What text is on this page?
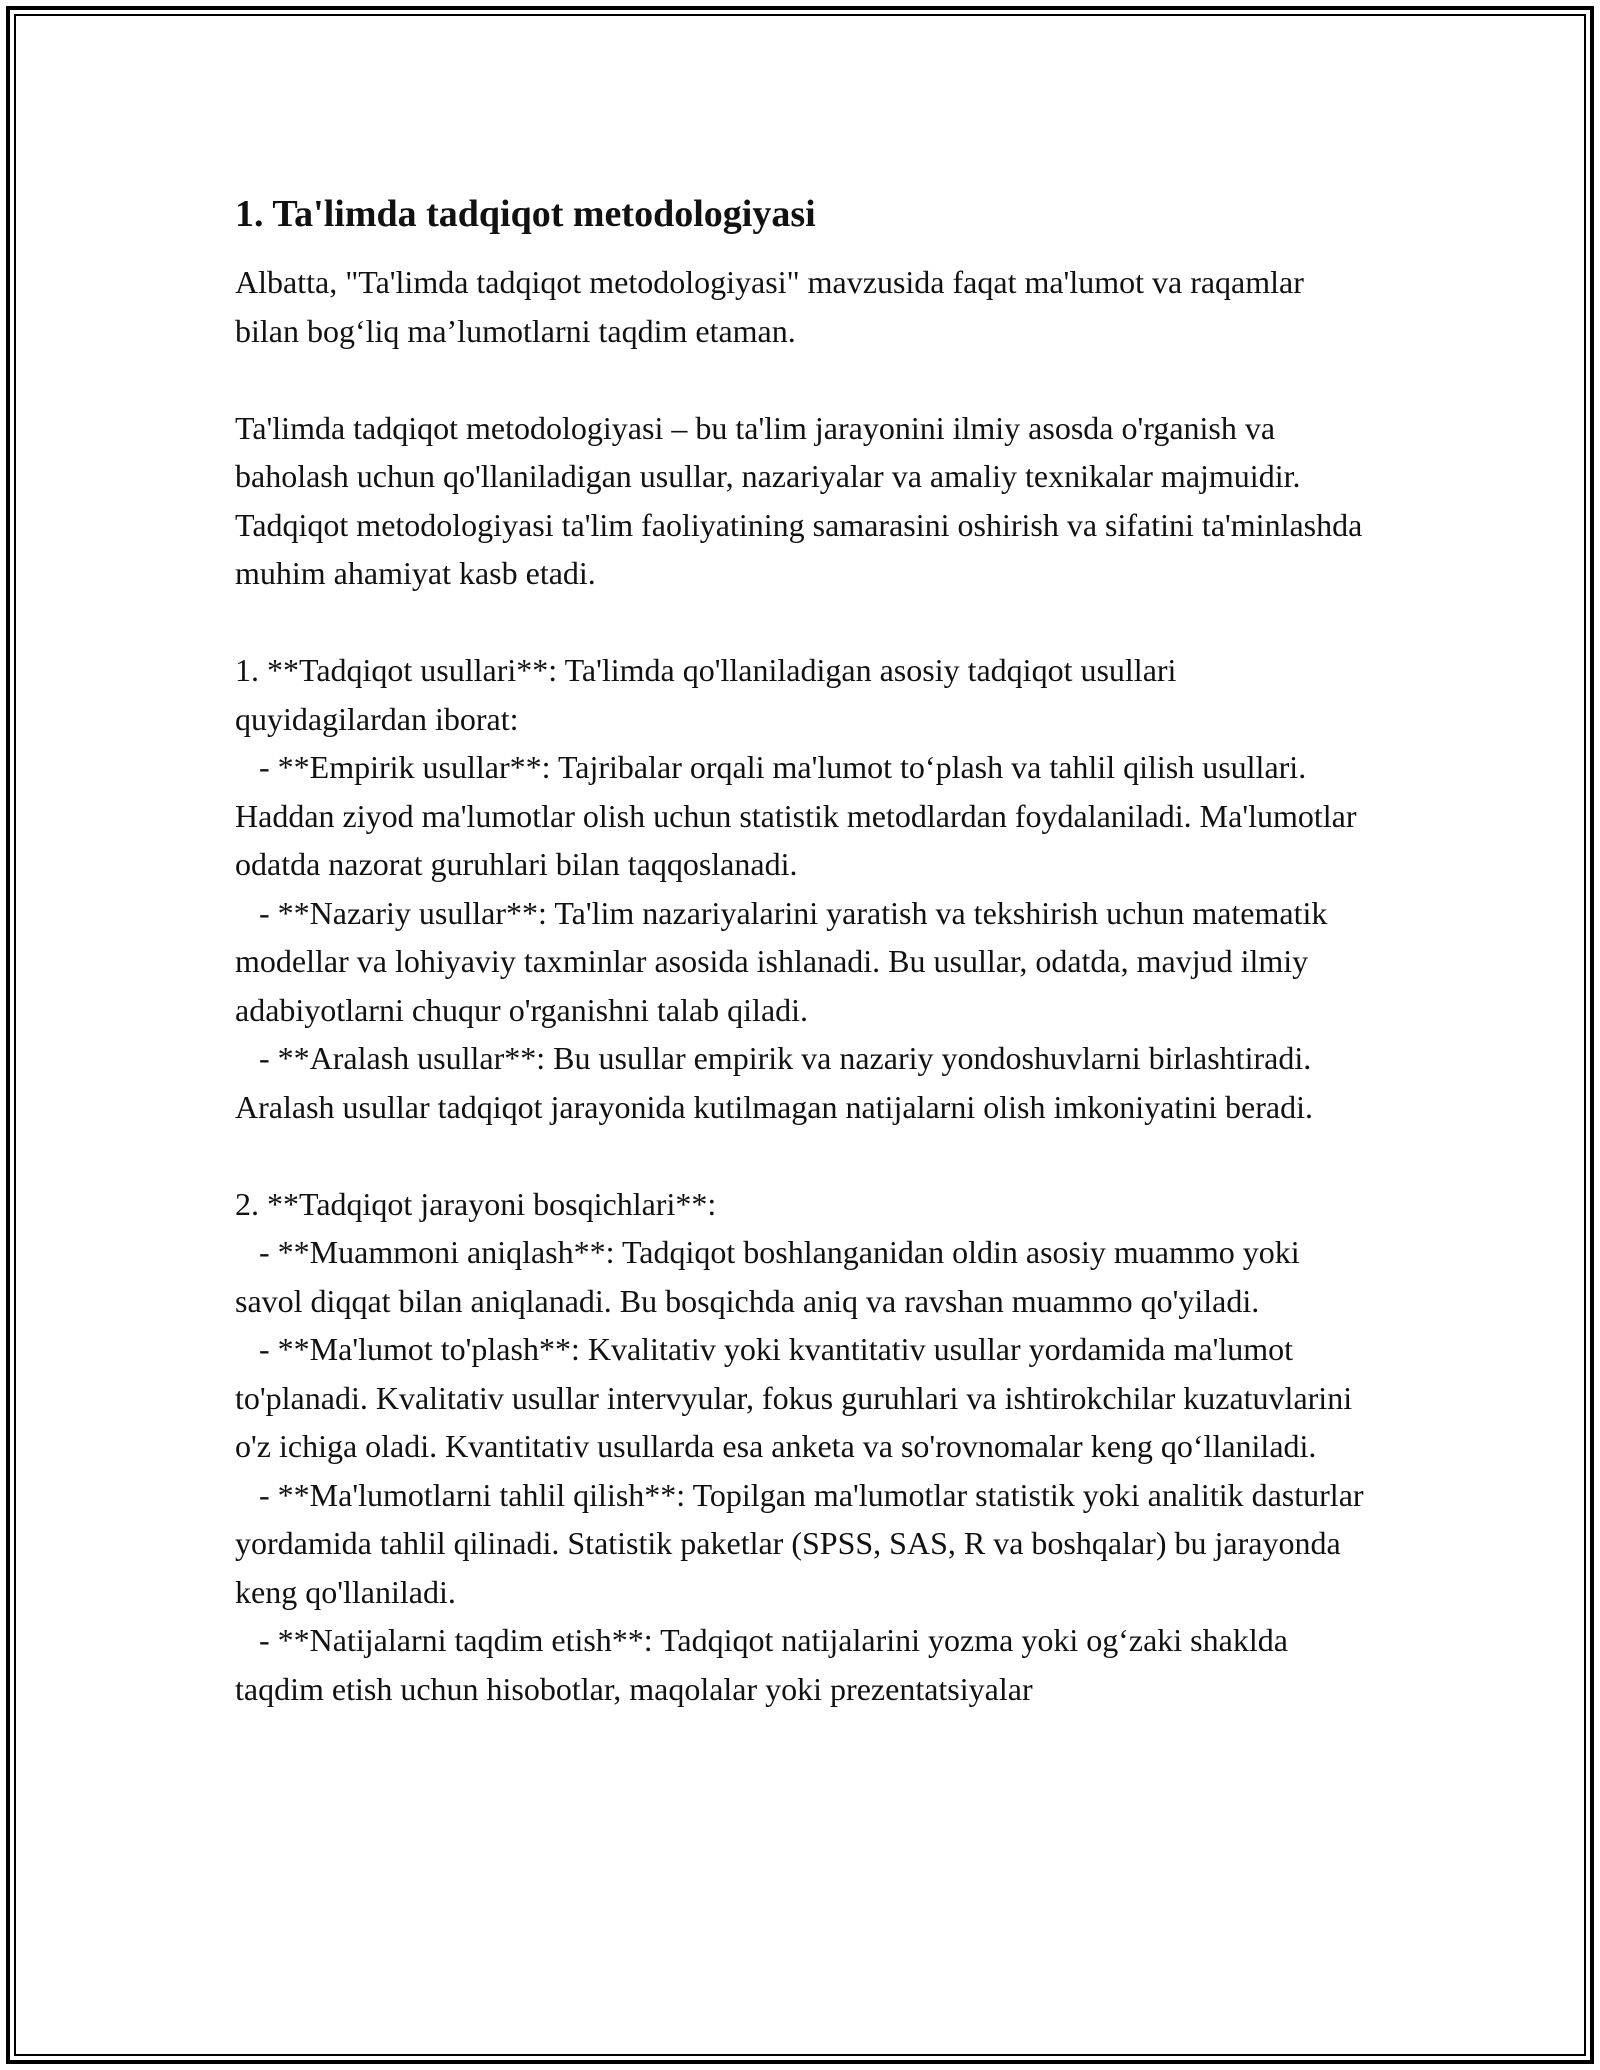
1. Ta'limda tadqiqot metodologiyasi

Albatta, "Ta'limda tadqiqot metodologiyasi" mavzusida faqat ma'lumot va raqamlar bilan bog‘liq ma’lumotlarni taqdim etaman.

Ta'limda tadqiqot metodologiyasi – bu ta'lim jarayonini ilmiy asosda o'rganish va baholash uchun qo'llaniladigan usullar, nazariyalar va amaliy texnikalar majmuidir. Tadqiqot metodologiyasi ta'lim faoliyatining samarasini oshirish va sifatini ta'minlashda muhim ahamiyat kasb etadi.

1. **Tadqiqot usullari**: Ta'limda qo'llaniladigan asosiy tadqiqot usullari quyidagilardan iborat:

- **Empirik usullar**: Tajribalar orqali ma'lumot to‘plash va tahlil qilish usullari. Haddan ziyod ma'lumotlar olish uchun statistik metodlardan foydalaniladi. Ma'lumotlar odatda nazorat guruhlari bilan taqqoslanadi.

- **Nazariy usullar**: Ta'lim nazariyalarini yaratish va tekshirish uchun matematik modellar va lohiyaviy taxminlar asosida ishlanadi. Bu usullar, odatda, mavjud ilmiy adabiyotlarni chuqur o'rganishni talab qiladi.

- **Aralash usullar**: Bu usullar empirik va nazariy yondoshuvlarni birlashtiradi. Aralash usullar tadqiqot jarayonida kutilmagan natijalarni olish imkoniyatini beradi.

2. **Tadqiqot jarayoni bosqichlari**:

- **Muammoni aniqlash**: Tadqiqot boshlanganidan oldin asosiy muammo yoki savol diqqat bilan aniqlanadi. Bu bosqichda aniq va ravshan muammo qo'yiladi.

- **Ma'lumot to'plash**: Kvalitativ yoki kvantitativ usullar yordamida ma'lumot to'planadi. Kvalitativ usullar intervyular, fokus guruhlari va ishtirokchilar kuzatuvlarini o'z ichiga oladi. Kvantitativ usullarda esa anketa va so'rovnomalar keng qo‘llaniladi.

- **Ma'lumotlarni tahlil qilish**: Topilgan ma'lumotlar statistik yoki analitik dasturlar yordamida tahlil qilinadi. Statistik paketlar (SPSS, SAS, R va boshqalar) bu jarayonda keng qo'llaniladi.

- **Natijalarni taqdim etish**: Tadqiqot natijalarini yozma yoki og‘zaki shaklda taqdim etish uchun hisobotlar, maqolalar yoki prezentatsiyalar
